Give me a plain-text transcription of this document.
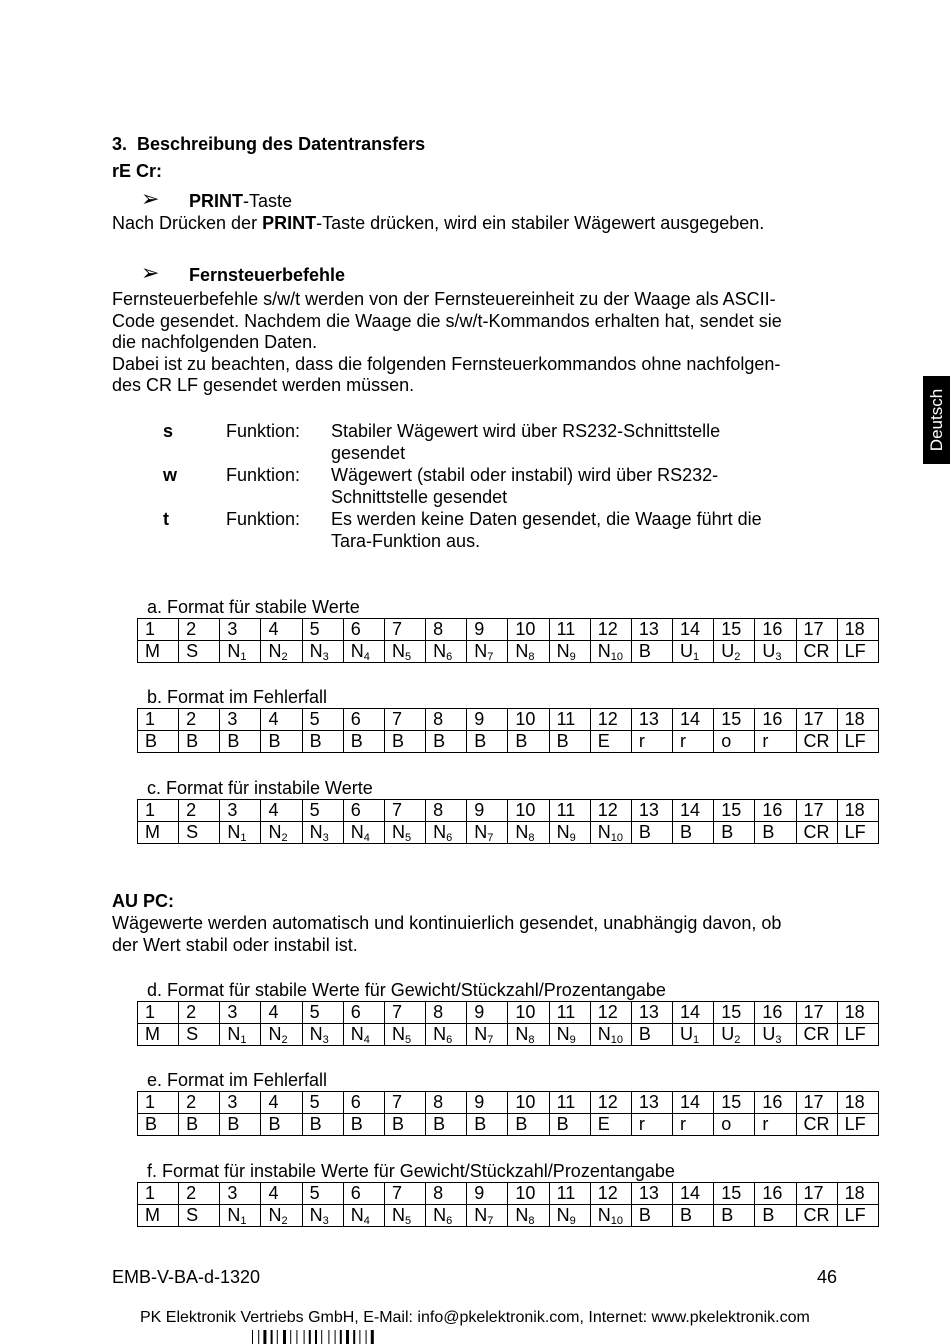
3. Beschreibung des Datentransfers
rE Cr:
➢ PRINT-Taste
Nach Drücken der PRINT-Taste drücken, wird ein stabiler Wägewert ausgegeben.
➢ Fernsteuerbefehle
Fernsteuerbefehle s/w/t werden von der Fernsteuereinheit zu der Waage als ASCII-
Code gesendet. Nachdem die Waage die s/w/t-Kommandos erhalten hat, sendet sie
die nachfolgenden Daten.
Dabei ist zu beachten, dass die folgenden Fernsteuerkommandos ohne nachfolgen-
des CR LF gesendet werden müssen.
s	Funktion: Stabiler Wägewert wird über RS232-Schnittstelle
gesendet
w	Funktion: Wägewert (stabil oder instabil) wird über RS232-
Schnittstelle gesendet
t	Funktion: Es werden keine Daten gesendet, die Waage führt die
Tara-Funktion aus.
a. Format für stabile Werte
1	2	3	4	5	6	7	8	9	10	11	12	13	14	15	16	17	18
M	S	$N_1$	$N_2$	$N_3$	$N_4$	$N_5$	$N_6$	$N_7$	$N_8$	$N_9$	$N_{10}$	B	$U_1$	$U_2$	$U_3$	CR	LF
b. Format im Fehlerfall
1	2	3	4	5	6	7	8	9	10	11	12	13	14	15	16	17	18
B	B	B	B	B	B	B	B	B	B	B	E	r	r	o	r	CR	LF
c. Format für instabile Werte
1	2	3	4	5	6	7	8	9	10	11	12	13	14	15	16	17	18
M	S	$N_1$	$N_2$	$N_3$	$N_4$	$N_5$	$N_6$	$N_7$	$N_8$	$N_9$	$N_{10}$	B	B	B	B	CR	LF
AU PC:
Wägewerte werden automatisch und kontinuierlich gesendet, unabhängig davon, ob
der Wert stabil oder instabil ist.
d. Format für stabile Werte für Gewicht/Stückzahl/Prozentangabe
1	2	3	4	5	6	7	8	9	10	11	12	13	14	15	16	17	18
M	S	$N_1$	$N_2$	$N_3$	$N_4$	$N_5$	$N_6$	$N_7$	$N_8$	$N_9$	$N_{10}$	B	$U_1$	$U_2$	$U_3$	CR	LF
e. Format im Fehlerfall
1	2	3	4	5	6	7	8	9	10	11	12	13	14	15	16	17	18
B	B	B	B	B	B	B	B	B	B	B	E	r	r	o	r	CR	LF
f. Format für instabile Werte für Gewicht/Stückzahl/Prozentangabe
1	2	3	4	5	6	7	8	9	10	11	12	13	14	15	16	17	18
M	S	$N_1$	$N_2$	$N_3$	$N_4$	$N_5$	$N_6$	$N_7$	$N_8$	$N_9$	$N_{10}$	B	B	B	B	CR	LF
Deutsch
EMB-V-BA-d-1320	46
PK Elektronik Vertriebs GmbH, E-Mail: info@pkelektronik.com, Internet: www.pkelektronik.com
